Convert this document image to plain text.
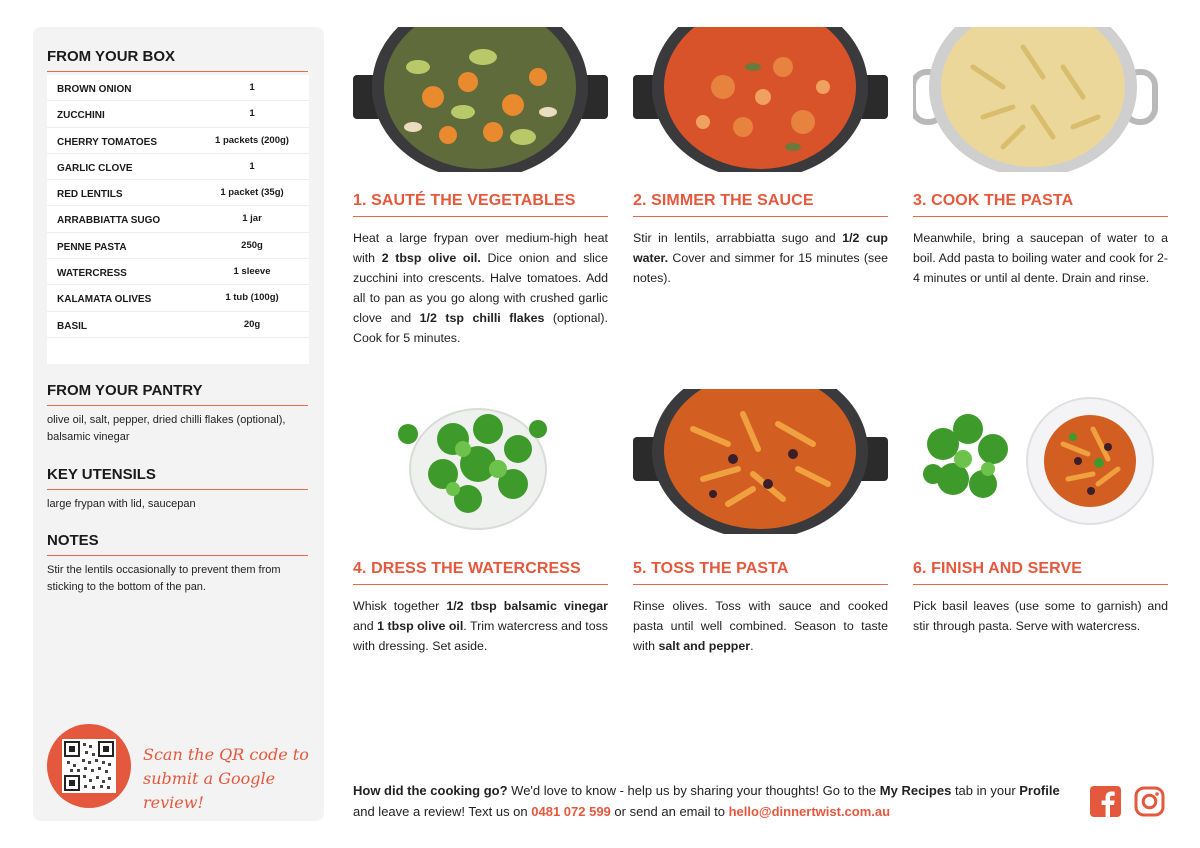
FROM YOUR BOX
BROWN ONION	1
ZUCCHINI	1
CHERRY TOMATOES	1 packets (200g)
GARLIC CLOVE	1
RED LENTILS	1 packet (35g)
ARRABBIATTA SUGO	1 jar
PENNE PASTA	250g
WATERCRESS	1 sleeve
KALAMATA OLIVES	1 tub (100g)
BASIL	20g
FROM YOUR PANTRY
olive oil, salt, pepper, dried chilli flakes (optional), balsamic vinegar
KEY UTENSILS
large frypan with lid, saucepan
NOTES
Stir the lentils occasionally to prevent them from sticking to the bottom of the pan.
Scan the QR code to
submit a Google review!
1. SAUTÉ THE VEGETABLES
Heat a large frypan over medium-high heat with 2 tbsp olive oil. Dice onion and slice zucchini into crescents. Halve tomatoes. Add all to pan as you go along with crushed garlic clove and 1/2 tsp chilli flakes (optional). Cook for 5 minutes.
2. SIMMER THE SAUCE
Stir in lentils, arrabbiatta sugo and 1/2 cup water. Cover and simmer for 15 minutes (see notes).
3. COOK THE PASTA
Meanwhile, bring a saucepan of water to a boil. Add pasta to boiling water and cook for 2-4 minutes or until al dente. Drain and rinse.
4. DRESS THE WATERCRESS
Whisk together 1/2 tbsp balsamic vinegar and 1 tbsp olive oil. Trim watercress and toss with dressing. Set aside.
5. TOSS THE PASTA
Rinse olives. Toss with sauce and cooked pasta until well combined. Season to taste with salt and pepper.
6. FINISH AND SERVE
Pick basil leaves (use some to garnish) and stir through pasta. Serve with watercress.
How did the cooking go? We'd love to know - help us by sharing your thoughts! Go to the My Recipes tab in your Profile and leave a review! Text us on 0481 072 599 or send an email to hello@dinnertwist.com.au
